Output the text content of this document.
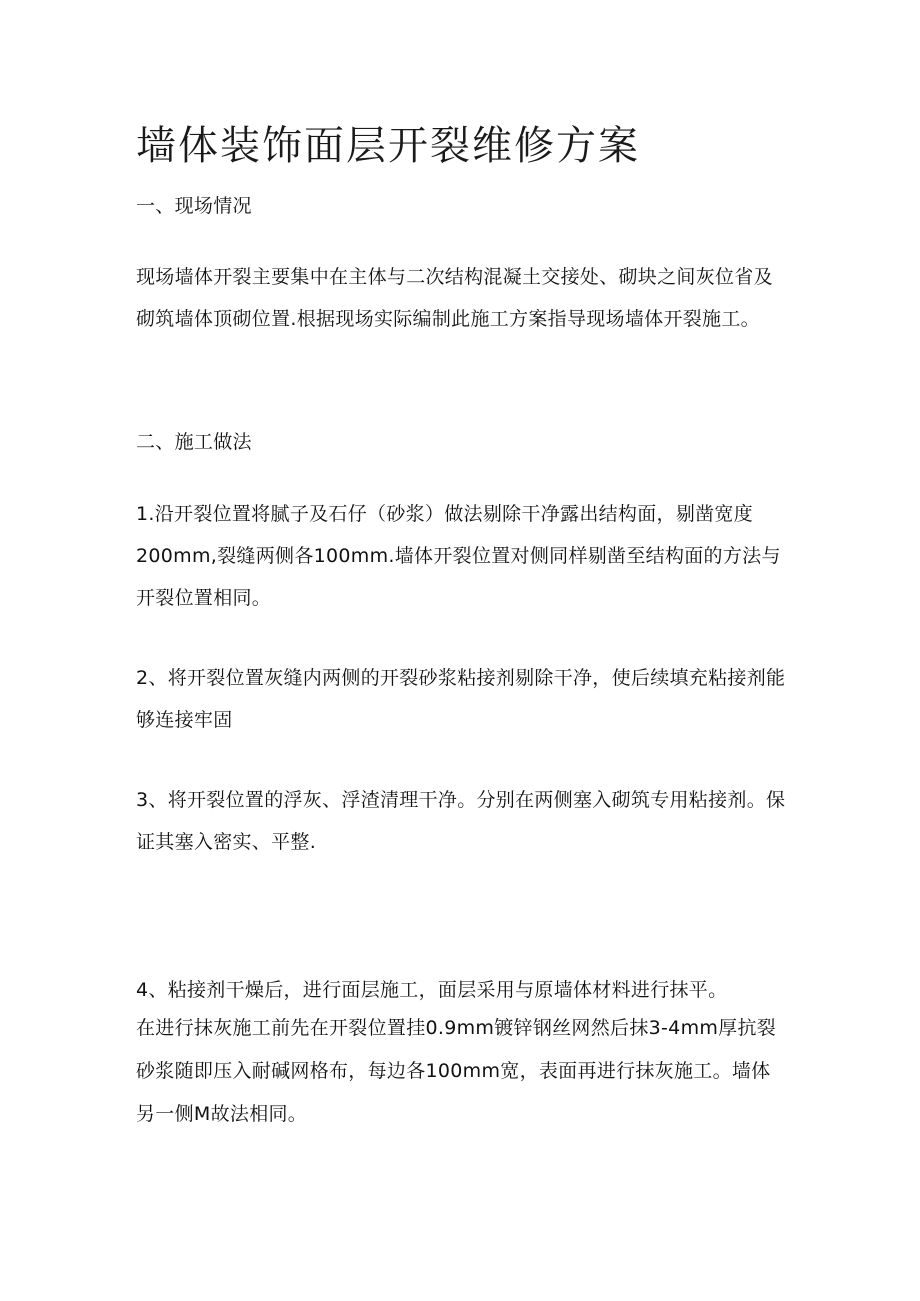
墙体装饰面层开裂维修方案
一、现场情况
现场墙体开裂主要集中在主体与二次结构混凝土交接处、砌块之间灰位省及砌筑墙体顶砌位置.根据现场实际编制此施工方案指导现场墙体开裂施工。
二、施工做法
1.沿开裂位置将腻子及石仔（砂浆）做法剔除干净露出结构面，剔凿宽度200mm,裂缝两侧各100mm.墙体开裂位置对侧同样剔凿至结构面的方法与开裂位置相同。
2、将开裂位置灰缝内两侧的开裂砂浆粘接剂剔除干净，使后续填充粘接剂能够连接牢固
3、将开裂位置的浮灰、浮渣清理干净。分别在两侧塞入砌筑专用粘接剂。保证其塞入密实、平整.
4、粘接剂干燥后，进行面层施工，面层采用与原墙体材料进行抹平。
在进行抹灰施工前先在开裂位置挂0.9mm镀锌钢丝网然后抹3-4mm厚抗裂砂浆随即压入耐碱网格布，每边各100mm宽，表面再进行抹灰施工。墙体另一侧M故法相同。
